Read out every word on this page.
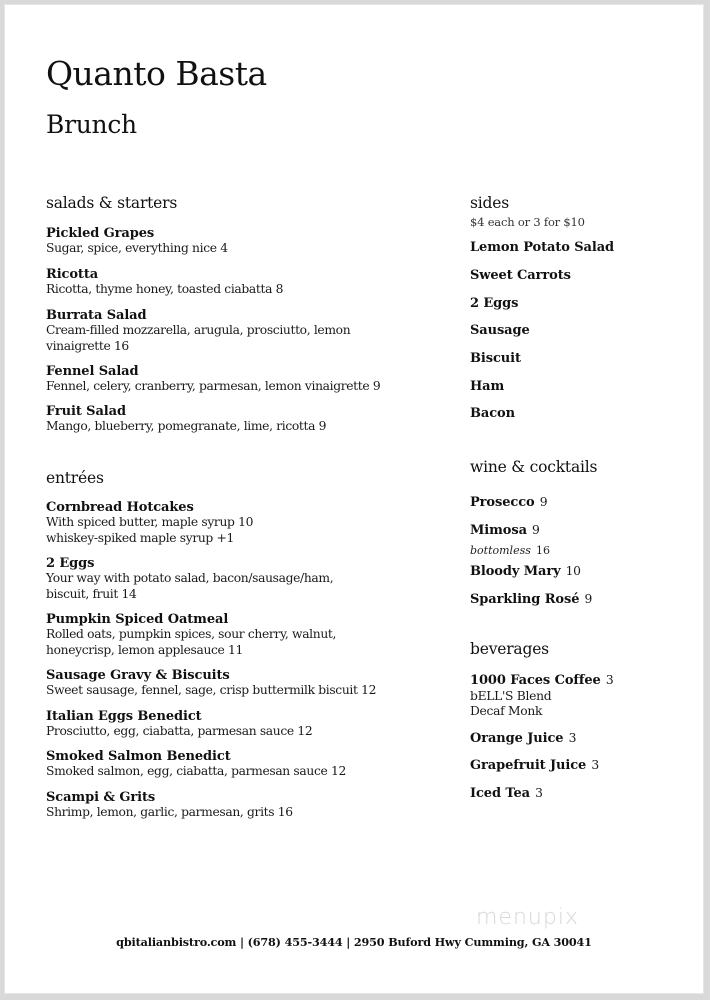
Quanto Basta
Brunch
salads & starters
Pickled Grapes
Sugar, spice, everything nice 4
Ricotta
Ricotta, thyme honey, toasted ciabatta 8
Burrata Salad
Cream-filled mozzarella, arugula, prosciutto, lemon
vinaigrette 16
Fennel Salad
Fennel, celery, cranberry, parmesan, lemon vinaigrette 9
Fruit Salad
Mango, blueberry, pomegranate, lime, ricotta 9
entrées
Cornbread Hotcakes
With spiced butter, maple syrup 10
whiskey-spiked maple syrup +1
2 Eggs
Your way with potato salad, bacon/sausage/ham,
biscuit, fruit 14
Pumpkin Spiced Oatmeal
Rolled oats, pumpkin spices, sour cherry, walnut,
honeycrisp, lemon applesauce 11
Sausage Gravy & Biscuits
Sweet sausage, fennel, sage, crisp buttermilk biscuit 12
Italian Eggs Benedict
Prosciutto, egg, ciabatta, parmesan sauce 12
Smoked Salmon Benedict
Smoked salmon, egg, ciabatta, parmesan sauce 12
Scampi & Grits
Shrimp, lemon, garlic, parmesan, grits 16
sides
$4 each or 3 for $10
Lemon Potato Salad
Sweet Carrots
2 Eggs
Sausage
Biscuit
Ham
Bacon
wine & cocktails
Prosecco 9
Mimosa 9
bottomless 16
Bloody Mary 10
Sparkling Rosé 9
beverages
1000 Faces Coffee 3
bELL'S Blend
Decaf Monk
Orange Juice 3
Grapefruit Juice 3
Iced Tea 3
menupix
qbitalianbistro.com | (678) 455-3444 | 2950 Buford Hwy Cumming, GA 30041
